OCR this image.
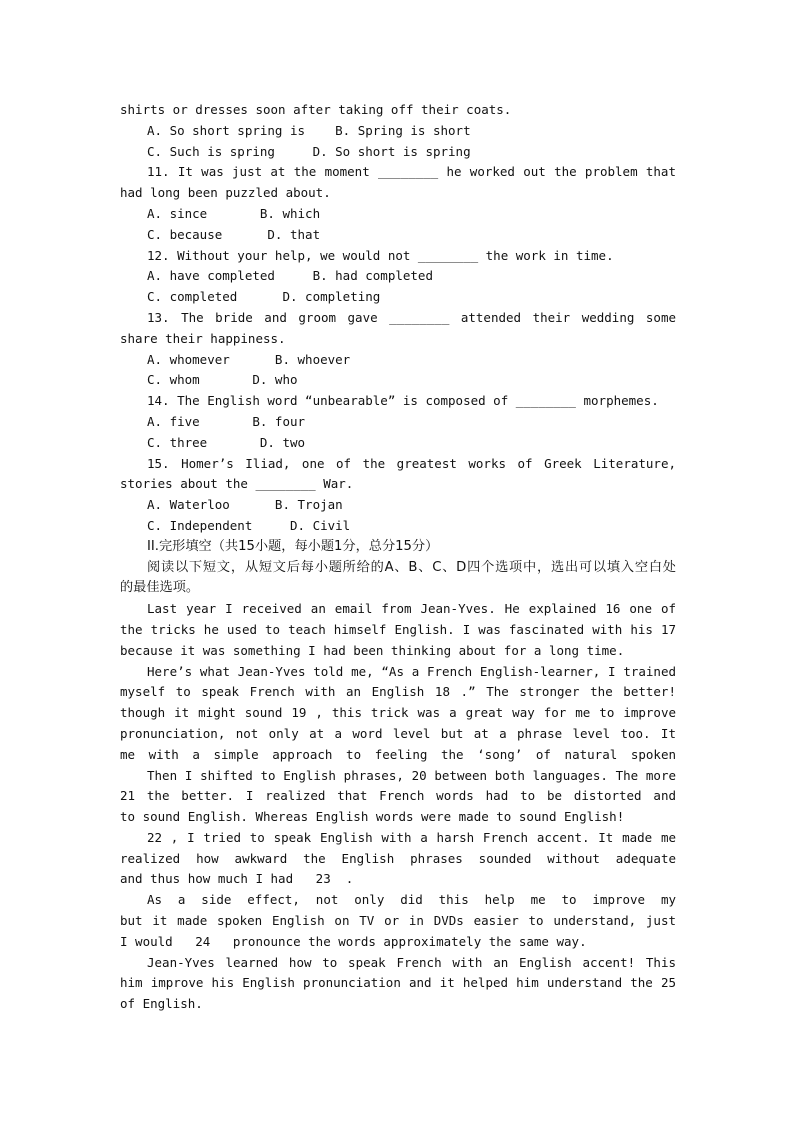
shirts or dresses soon after taking off their coats.
A. So short spring is    B. Spring is short
C. Such is spring     D. So short is spring
11. It was just at the moment ________ he worked out the problem that
had long been puzzled about.
A. since       B. which
C. because      D. that
12. Without your help, we would not ________ the work in time.
A. have completed     B. had completed
C. completed      D. completing
13. The bride and groom gave ________ attended their wedding some
share their happiness.
A. whomever      B. whoever
C. whom       D. who
14. The English word “unbearable” is composed of ________ morphemes.
A. five       B. four
C. three       D. two
15. Homer’s Iliad, one of the greatest works of Greek Literature,
stories about the ________ War.
A. Waterloo      B. Trojan
C. Independent     D. Civil
II.完形填空（共15小题，每小题1分，总分15分）
阅读以下短文，从短文后每小题所给的A、B、C、D四个选项中，选出可以填入空白处
的最佳选项。
Last year I received an email from Jean-Yves. He explained 16 one of
the tricks he used to teach himself English. I was fascinated with his 17
because it was something I had been thinking about for a long time.
Here’s what Jean-Yves told me, “As a French English-learner, I trained
myself to speak French with an English 18 .” The stronger the better!
though it might sound 19 , this trick was a great way for me to improve
pronunciation, not only at a word level but at a phrase level too. It
me with a simple approach to feeling the ‘song’ of natural spoken
Then I shifted to English phrases, 20 between both languages. The more
21 the better. I realized that French words had to be distorted and
to sound English. Whereas English words were made to sound English!
22 , I tried to speak English with a harsh French accent. It made me
realized how awkward the English phrases sounded without adequate
and thus how much I had   23  .
As a side effect, not only did this help me to improve my
but it made spoken English on TV or in DVDs easier to understand, just
I would   24   pronounce the words approximately the same way.
Jean-Yves learned how to speak French with an English accent! This
him improve his English pronunciation and it helped him understand the 25
of English.
